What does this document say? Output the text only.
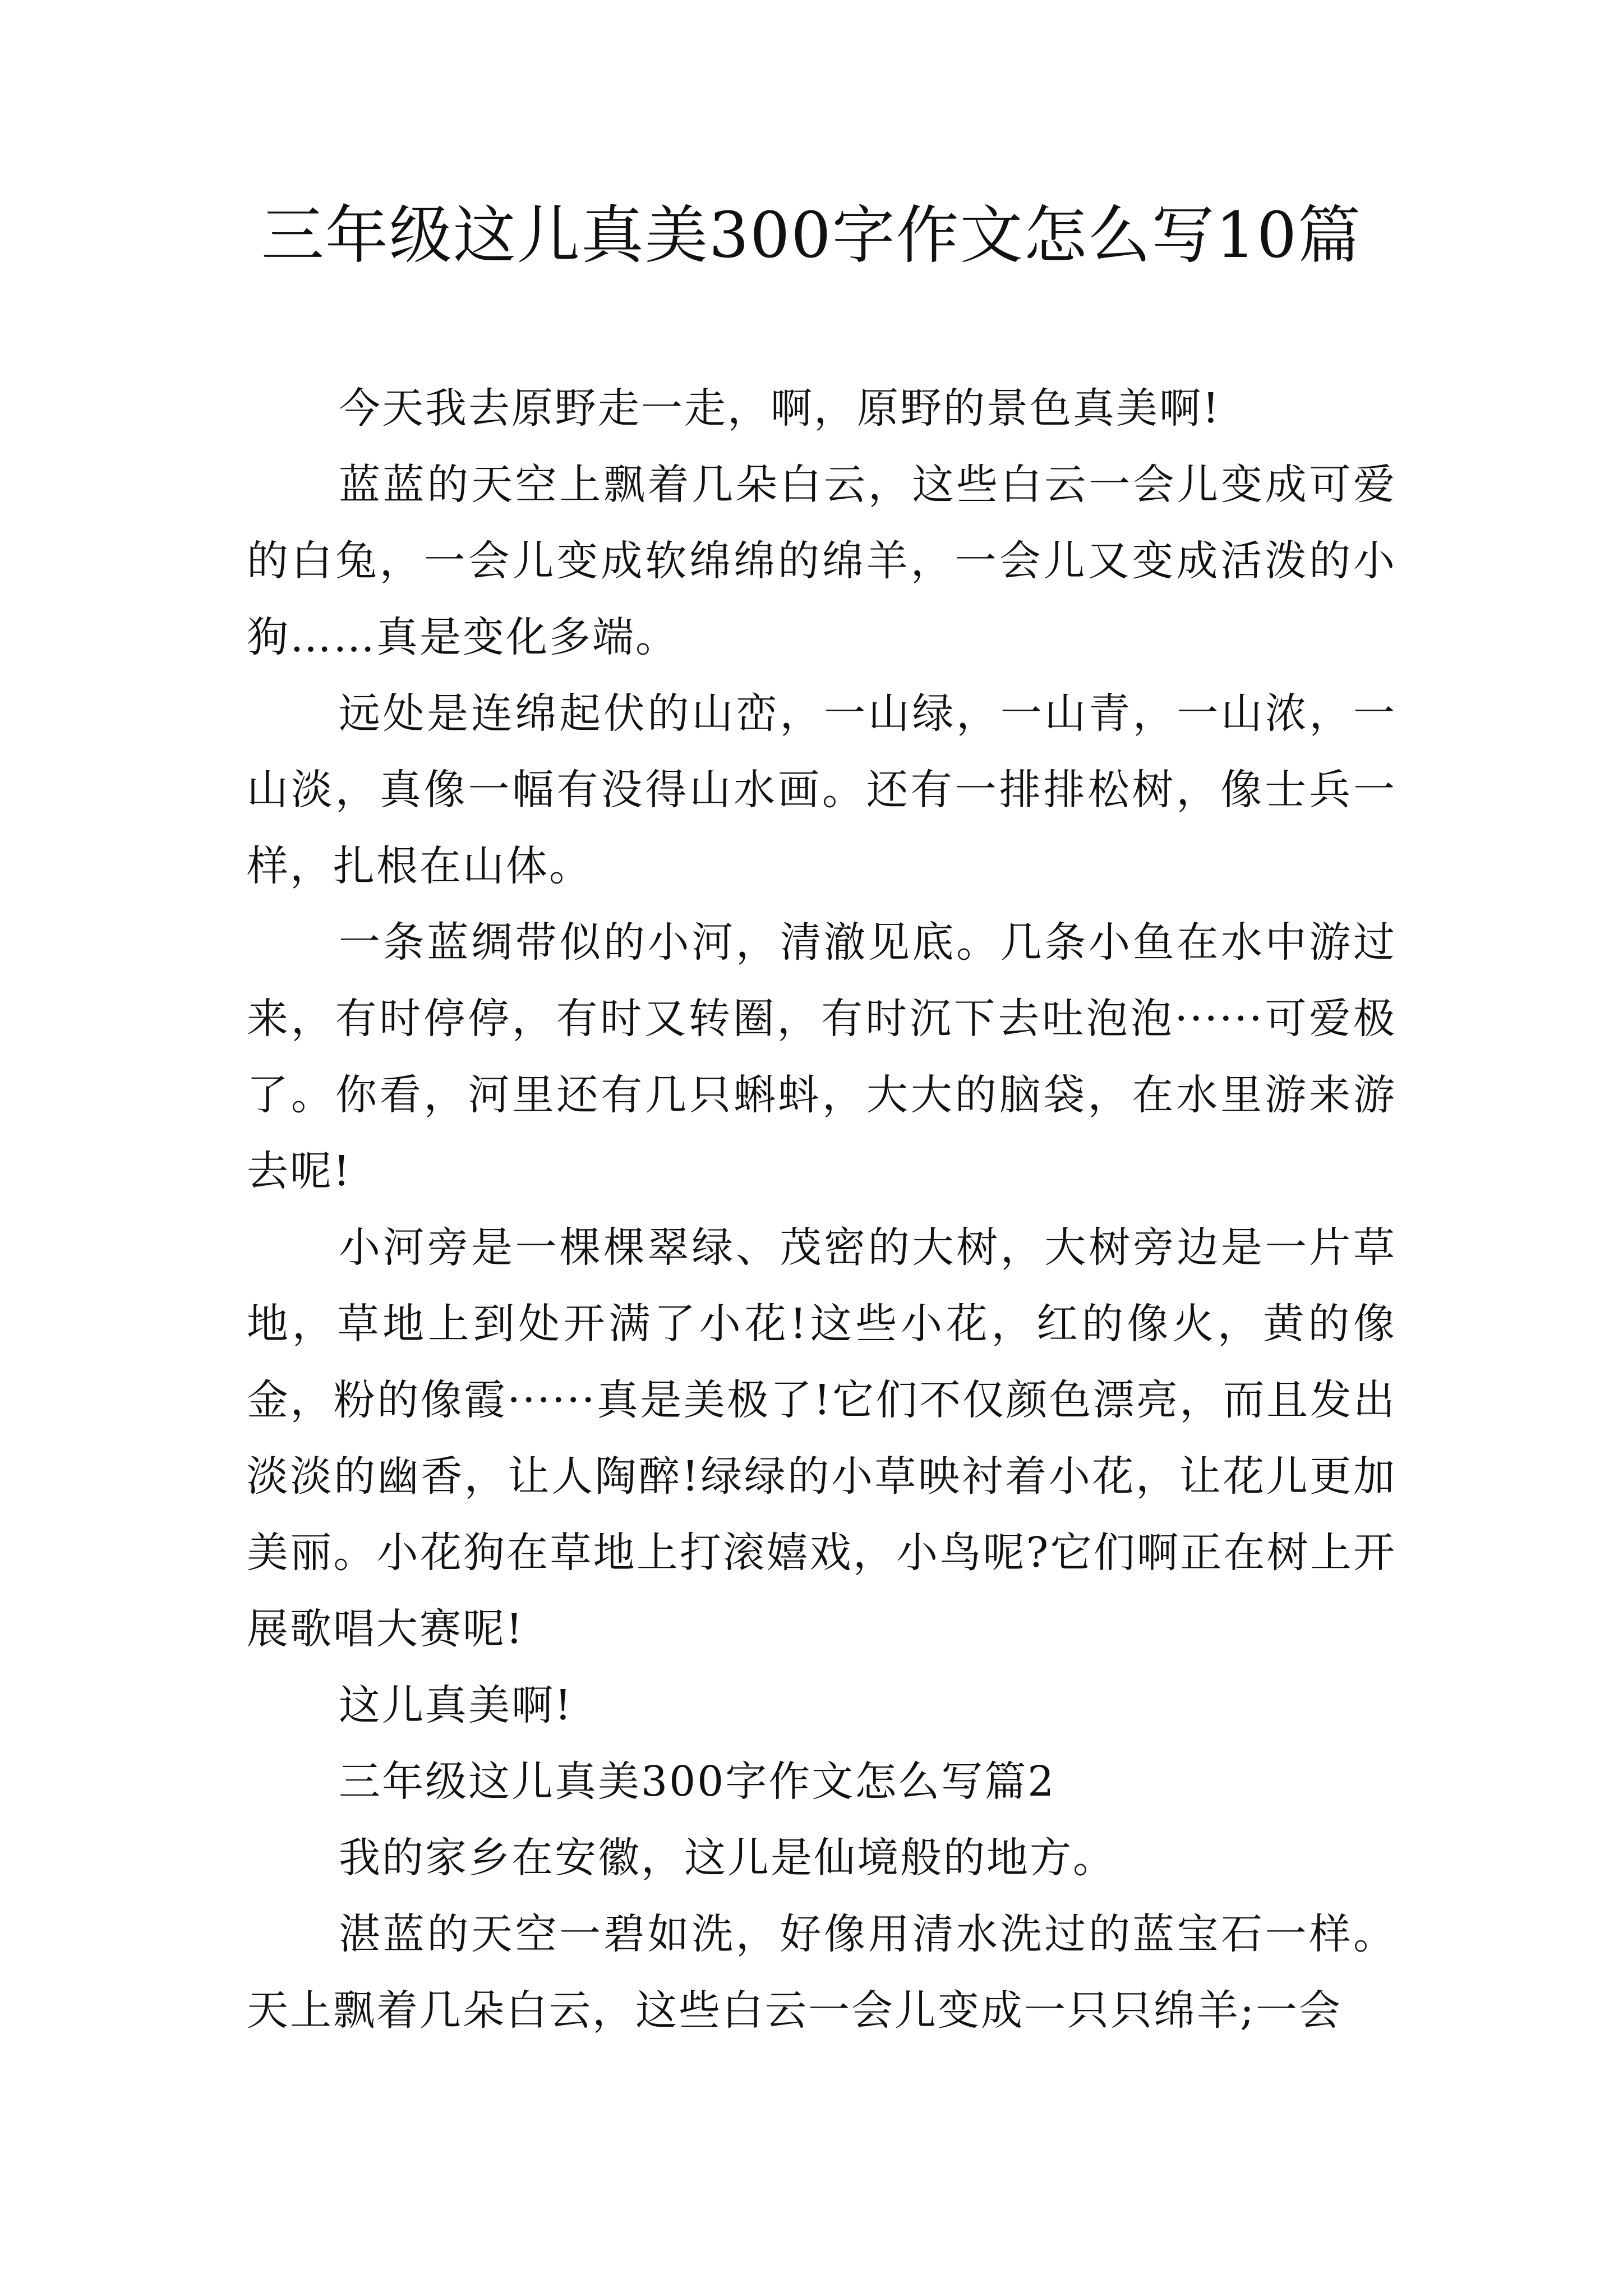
三年级这儿真美300字作文怎么写10篇

今天我去原野走一走，啊，原野的景色真美啊!

蓝蓝的天空上飘着几朵白云，这些白云一会儿变成可爱的白兔，一会儿变成软绵绵的绵羊，一会儿又变成活泼的小狗……真是变化多端。

远处是连绵起伏的山峦，一山绿，一山青，一山浓，一山淡，真像一幅有没得山水画。还有一排排松树，像士兵一样，扎根在山体。

一条蓝绸带似的小河，清澈见底。几条小鱼在水中游过来，有时停停，有时又转圈，有时沉下去吐泡泡······可爱极了。你看，河里还有几只蝌蚪，大大的脑袋，在水里游来游去呢!

小河旁是一棵棵翠绿、茂密的大树，大树旁边是一片草地，草地上到处开满了小花!这些小花，红的像火，黄的像金，粉的像霞······真是美极了!它们不仅颜色漂亮，而且发出淡淡的幽香，让人陶醉!绿绿的小草映衬着小花，让花儿更加美丽。小花狗在草地上打滚嬉戏，小鸟呢?它们啊正在树上开展歌唱大赛呢!

这儿真美啊!

三年级这儿真美300字作文怎么写篇2

我的家乡在安徽，这儿是仙境般的地方。

湛蓝的天空一碧如洗，好像用清水洗过的蓝宝石一样。天上飘着几朵白云，这些白云一会儿变成一只只绵羊;一会
